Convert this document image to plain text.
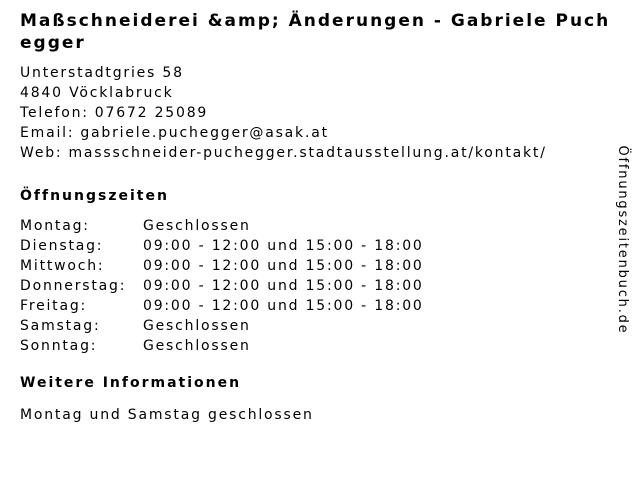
Maßschneiderei &amp; Änderungen - Gabriele Puchegger
Unterstadtgries 58
4840 Vöcklabruck
Telefon: 07672 25089
Email: gabriele.puchegger@asak.at
Web: massschneider-puchegger.stadtausstellung.at/kontakt/
Öffnungszeiten
Montag:	Geschlossen
Dienstag:	09:00 - 12:00 und 15:00 - 18:00
Mittwoch:	09:00 - 12:00 und 15:00 - 18:00
Donnerstag:	09:00 - 12:00 und 15:00 - 18:00
Freitag:	09:00 - 12:00 und 15:00 - 18:00
Samstag:	Geschlossen
Sonntag:	Geschlossen
Weitere Informationen
Montag und Samstag geschlossen
Öffnungszeitenbuch.de
